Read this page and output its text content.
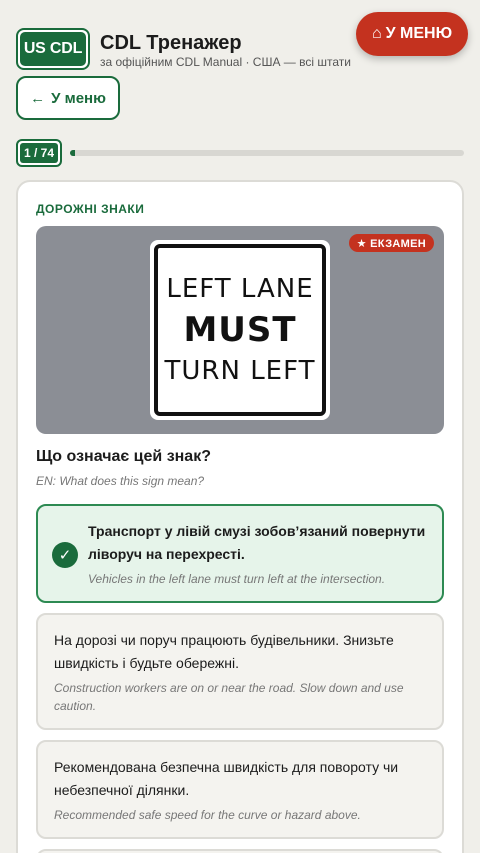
US CDL CDL Тренажер
за офіційним CDL Manual · США — всі штати
⌂ У МЕНЮ
← У меню
1 / 74
ДОРОЖНІ ЗНАКИ
★ ЕКЗАМЕН
LEFT LANE
MUST
TURN LEFT
Що означає цей знак?
EN: What does this sign mean?
✓
Транспорт у лівій смузі зобов’язаний повернути ліворуч на перехресті.
Vehicles in the left lane must turn left at the intersection.
На дорозі чи поруч працюють будівельники. Знизьте швидкість і будьте обережні.
Construction workers are on or near the road. Slow down and use caution.
Рекомендована безпечна швидкість для повороту чи небезпечної ділянки.
Recommended safe speed for the curve or hazard above.
